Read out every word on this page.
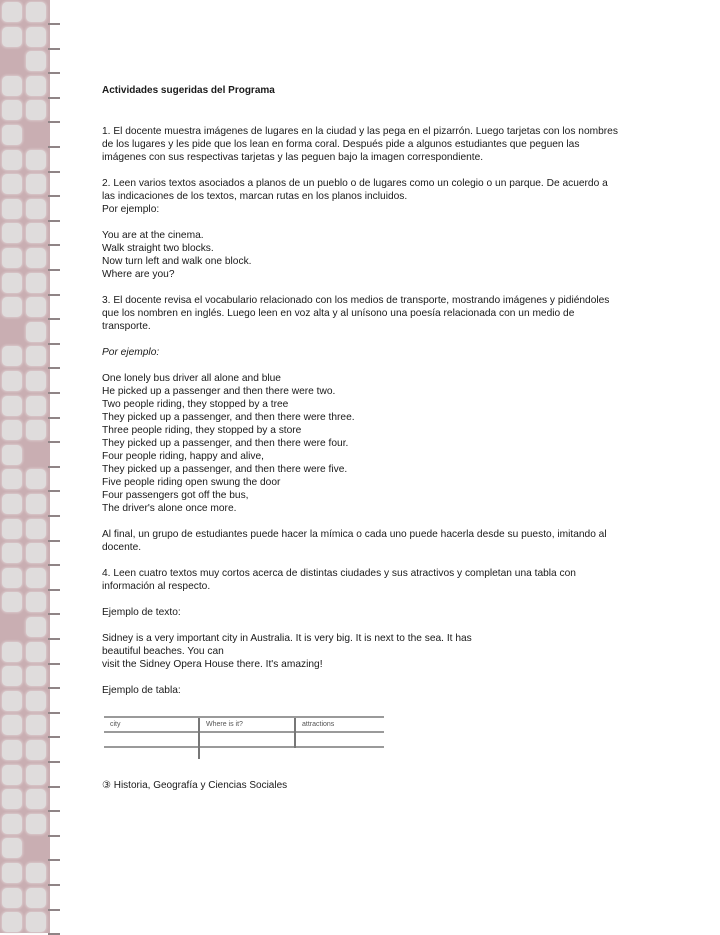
Actividades sugeridas del Programa

1. El docente muestra imágenes de lugares en la ciudad y las pega en el pizarrón. Luego tarjetas con los nombres de los lugares y les pide que los lean en forma coral. Después pide a algunos estudiantes que peguen las imágenes con sus respectivas tarjetas y las peguen bajo la imagen correspondiente.

2. Leen varios textos asociados a planos de un pueblo o de lugares como un colegio o un parque. De acuerdo a las indicaciones de los textos, marcan rutas en los planos incluidos.
Por ejemplo:

You are at the cinema.
Walk straight two blocks.
Now turn left and walk one block.
Where are you?

3. El docente revisa el vocabulario relacionado con los medios de transporte, mostrando imágenes y pidiéndoles que los nombren en inglés. Luego leen en voz alta y al unísono una poesía relacionada con un medio de transporte.

Por ejemplo:

One lonely bus driver all alone and blue
He picked up a passenger and then there were two.
Two people riding, they stopped by a tree
They picked up a passenger, and then there were three.
Three people riding, they stopped by a store
They picked up a passenger, and then there were four.
Four people riding, happy and alive,
They picked up a passenger, and then there were five.
Five people riding open swung the door
Four passengers got off the bus,
The driver's alone once more.

Al final, un grupo de estudiantes puede hacer la mímica o cada uno puede hacerla desde su puesto, imitando al docente.

4. Leen cuatro textos muy cortos acerca de distintas ciudades y sus atractivos y completan una tabla con información al respecto.

Ejemplo de texto:

Sidney is a very important city in Australia. It is very big. It is next to the sea. It has
beautiful beaches. You can
visit the Sidney Opera House there. It's amazing!

Ejemplo de tabla:
city	Where is it?	attractions

③ Historia, Geografía y Ciencias Sociales
